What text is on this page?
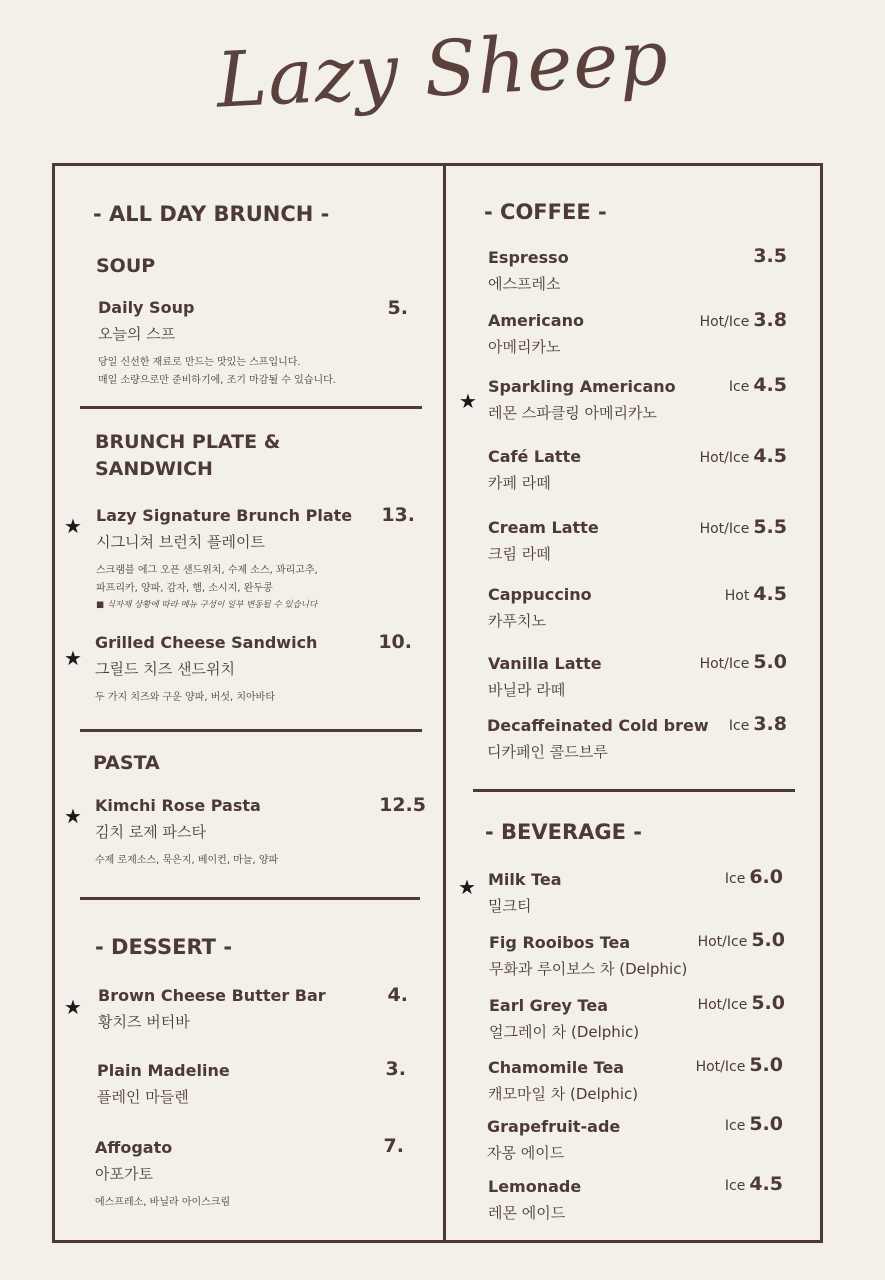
Lazy Sheep
- ALL DAY BRUNCH -
SOUP
Daily Soup
오늘의 스프
당일 신선한 재료로 만드는 맛있는 스프입니다.
매일 소량으로만 준비하기에, 조기 마감될 수 있습니다.
5.
BRUNCH PLATE &
SANDWICH
★ Lazy Signature Brunch Plate
시그니쳐 브런치 플레이트
스크램블 에그 오픈 샌드위치, 수제 소스, 꽈리고추,
파프리카, 양파, 감자, 햄, 소시지, 완두콩
■ 식자재 상황에 따라 메뉴 구성이 일부 변동될 수 있습니다
13.
★
Grilled Cheese Sandwich
그릴드 치즈 샌드위치
두 가지 치즈와 구운 양파, 버섯, 치아바타
10.
PASTA
★ Kimchi Rose Pasta
김치 로제 파스타
수제 로제소스, 묵은지, 베이컨, 마늘, 양파
12.5
- DESSERT -
★ Brown Cheese Butter Bar
황치즈 버터바
4.
Plain Madeline
플레인 마들렌
3.
Affogato
아포가토
에스프레소, 바닐라 아이스크림
7.
- COFFEE -
Espresso
에스프레소
3.5
Americano
아메리카노
Hot/Ice 3.8
★
Sparkling Americano
레몬 스파클링 아메리카노
Ice 4.5
Café Latte
카페 라떼
Hot/Ice 4.5
Cream Latte
크림 라떼
Hot/Ice 5.5
Cappuccino
카푸치노
Hot 4.5
Vanilla Latte
바닐라 라떼
Hot/Ice 5.0
Decaffeinated Cold brew
디카페인 콜드브루
Ice 3.8
- BEVERAGE -
★ Milk Tea
밀크티
Ice 6.0
Fig Rooibos Tea
무화과 루이보스 차 (Delphic)
Hot/Ice 5.0
Earl Grey Tea
얼그레이 차 (Delphic)
Hot/Ice 5.0
Chamomile Tea
캐모마일 차 (Delphic)
Hot/Ice 5.0
Grapefruit-ade
자몽 에이드
Ice 5.0
Lemonade
레몬 에이드
Ice 4.5
